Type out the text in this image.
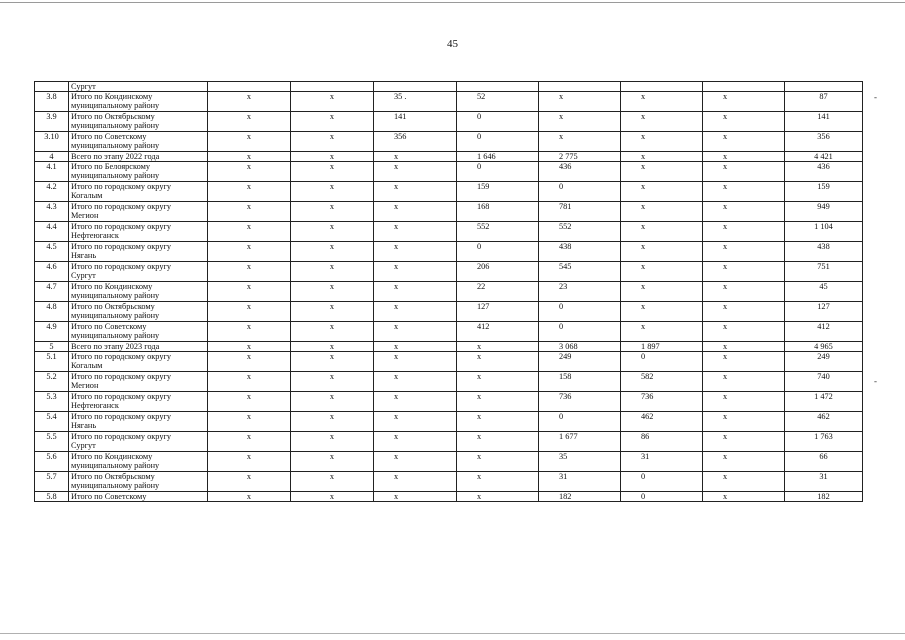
45
-
-
	Сургут								
3.8	Итого по Кондинскому
муниципальному району	x	x	35 .	52	x	x	x	87
3.9	Итого по Октябрьскому
муниципальному району	x	x	141	0	x	x	x	141
3.10	Итого по Советскому
муниципальному району	x	x	356	0	x	x	x	356
4	Всего по этапу 2022 года	x	x	x	1 646	2 775	x	x	4 421
4.1	Итого по Белоярскому
муниципальному району	x	x	x	0	436	x	x	436
4.2	Итого по городскому округу
Когалым	x	x	x	159	0	x	x	159
4.3	Итого по городскому округу
Мегион	x	x	x	168	781	x	x	949
4.4	Итого по городскому округу
Нефтеюганск	x	x	x	552	552	x	x	1 104
4.5	Итого по городскому округу
Нягань	x	x	x	0	438	x	x	438
4.6	Итого по городскому округу
Сургут	x	x	x	206	545	x	x	751
4.7	Итого по Кондинскому
муниципальному району	x	x	x	22	23	x	x	45
4.8	Итого по Октябрьскому
муниципальному району	x	x	x	127	0	x	x	127
4.9	Итого по Советскому
муниципальному району	x	x	x	412	0	x	x	412
5	Всего по этапу 2023 года	x	x	x	x	3 068	1 897	x	4 965
5.1	Итого по городскому округу
Когалым	x	x	x	x	249	0	x	249
5.2	Итого по городскому округу
Мегион	x	x	x	x	158	582	x	740
5.3	Итого по городскому округу
Нефтеюганск	x	x	x	x	736	736	x	1 472
5.4	Итого по городскому округу
Нягань	x	x	x	x	0	462	x	462
5.5	Итого по городскому округу
Сургут	x	x	x	x	1 677	86	x	1 763
5.6	Итого по Кондинскому
муниципальному району	x	x	x	x	35	31	x	66
5.7	Итого по Октябрьскому
муниципальному району	x	x	x	x	31	0	x	31
5.8	Итого по Советскому	x	x	x	x	182	0	x	182
